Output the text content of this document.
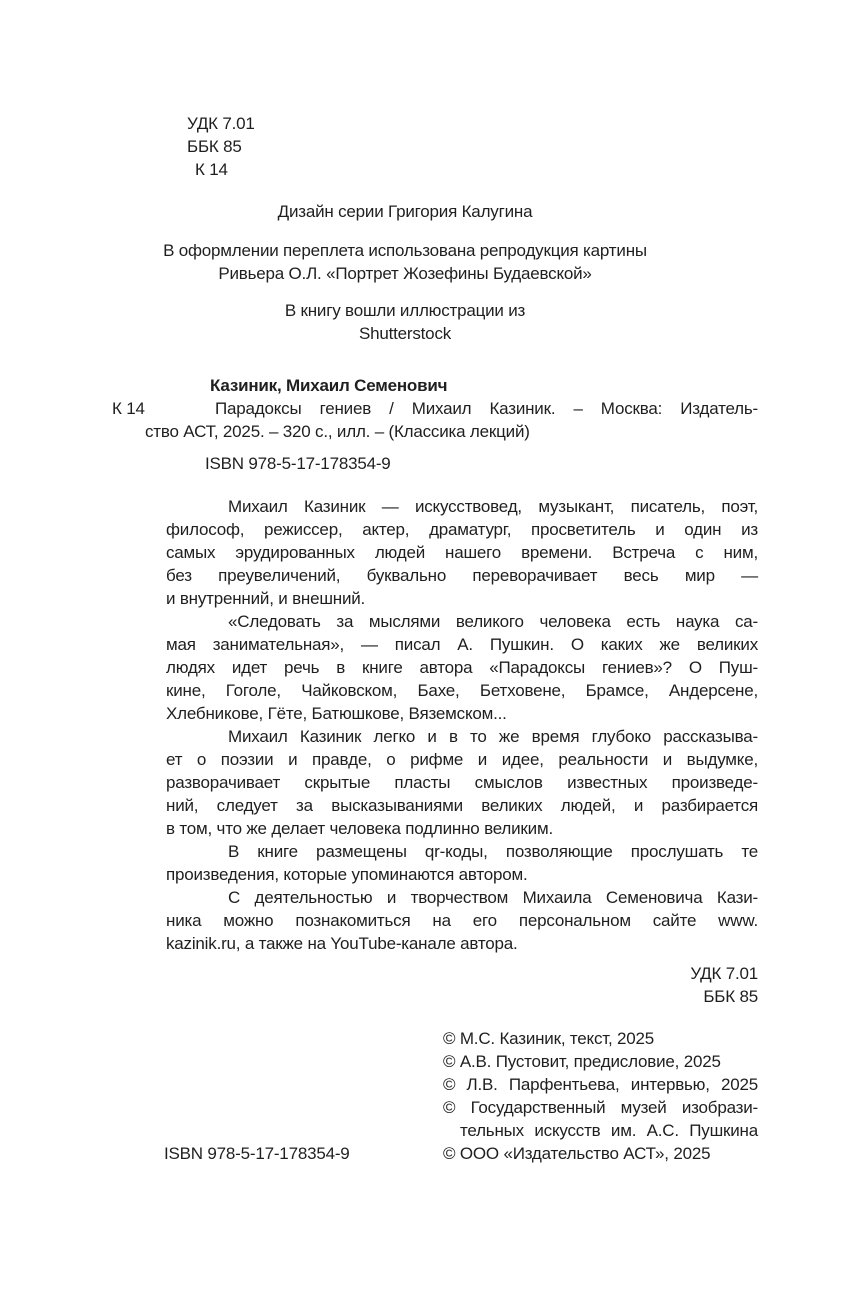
УДК 7.01
ББК 85
К 14
Дизайн серии Григория Калугина
В оформлении переплета использована репродукция картины
Ривьера О.Л. «Портрет Жозефины Будаевской»
В книгу вошли иллюстрации из
Shutterstock
Казиник, Михаил Семенович
К 14	Парадоксы гениев / Михаил Казиник. – Москва: Издатель-
ство АСТ, 2025. – 320 с., илл. – (Классика лекций)
ISBN 978-5-17-178354-9
Михаил Казиник — искусствовед, музыкант, писатель, поэт,
философ, режиссер, актер, драматург, просветитель и один из
самых эрудированных людей нашего времени. Встреча с ним,
без преувеличений, буквально переворачивает весь мир —
и внутренний, и внешний.
«Следовать за мыслями великого человека есть наука са-
мая занимательная», — писал А. Пушкин. О каких же великих
людях идет речь в книге автора «Парадоксы гениев»? О Пуш-
кине, Гоголе, Чайковском, Бахе, Бетховене, Брамсе, Андерсене,
Хлебникове, Гёте, Батюшкове, Вяземском...
Михаил Казиник легко и в то же время глубоко рассказыва-
ет о поэзии и правде, о рифме и идее, реальности и выдумке,
разворачивает скрытые пласты смыслов известных произведе-
ний, следует за высказываниями великих людей, и разбирается
в том, что же делает человека подлинно великим.
В книге размещены qr-коды, позволяющие прослушать те
произведения, которые упоминаются автором.
С деятельностью и творчеством Михаила Семеновича Кази-
ника можно познакомиться на его персональном сайте www.
kazinik.ru, а также на YouTube-канале автора.
УДК 7.01
ББК 85
© М.С. Казиник, текст, 2025
© А.В. Пустовит, предисловие, 2025
© Л.В. Парфентьева, интервью, 2025
© Государственный музей изобрази-
тельных искусств им. А.С. Пушкина
© ООО «Издательство АСТ», 2025
ISBN 978-5-17-178354-9
